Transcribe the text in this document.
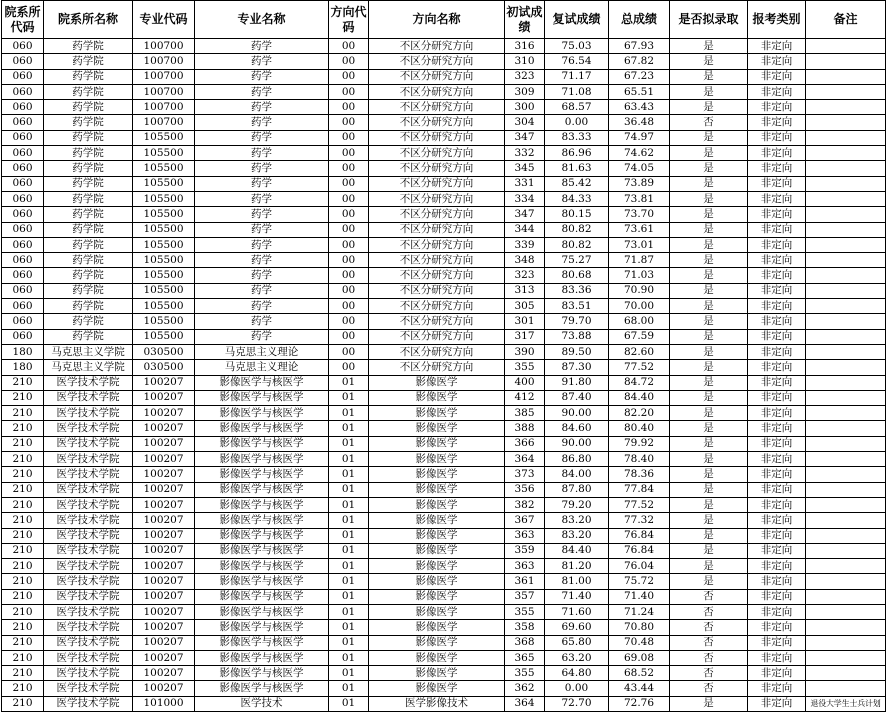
院系所代码	院系所名称	专业代码	专业名称	方向代码	方向名称	初试成绩	复试成绩	总成绩	是否拟录取	报考类别	备注
060	药学院	100700	药学	00	不区分研究方向	316	75.03	67.93	是	非定向	
060	药学院	100700	药学	00	不区分研究方向	310	76.54	67.82	是	非定向	
060	药学院	100700	药学	00	不区分研究方向	323	71.17	67.23	是	非定向	
060	药学院	100700	药学	00	不区分研究方向	309	71.08	65.51	是	非定向	
060	药学院	100700	药学	00	不区分研究方向	300	68.57	63.43	是	非定向	
060	药学院	100700	药学	00	不区分研究方向	304	0.00	36.48	否	非定向	
060	药学院	105500	药学	00	不区分研究方向	347	83.33	74.97	是	非定向	
060	药学院	105500	药学	00	不区分研究方向	332	86.96	74.62	是	非定向	
060	药学院	105500	药学	00	不区分研究方向	345	81.63	74.05	是	非定向	
060	药学院	105500	药学	00	不区分研究方向	331	85.42	73.89	是	非定向	
060	药学院	105500	药学	00	不区分研究方向	334	84.33	73.81	是	非定向	
060	药学院	105500	药学	00	不区分研究方向	347	80.15	73.70	是	非定向	
060	药学院	105500	药学	00	不区分研究方向	344	80.82	73.61	是	非定向	
060	药学院	105500	药学	00	不区分研究方向	339	80.82	73.01	是	非定向	
060	药学院	105500	药学	00	不区分研究方向	348	75.27	71.87	是	非定向	
060	药学院	105500	药学	00	不区分研究方向	323	80.68	71.03	是	非定向	
060	药学院	105500	药学	00	不区分研究方向	313	83.36	70.90	是	非定向	
060	药学院	105500	药学	00	不区分研究方向	305	83.51	70.00	是	非定向	
060	药学院	105500	药学	00	不区分研究方向	301	79.70	68.00	是	非定向	
060	药学院	105500	药学	00	不区分研究方向	317	73.88	67.59	是	非定向	
180	马克思主义学院	030500	马克思主义理论	00	不区分研究方向	390	89.50	82.60	是	非定向	
180	马克思主义学院	030500	马克思主义理论	00	不区分研究方向	355	87.30	77.52	是	非定向	
210	医学技术学院	100207	影像医学与核医学	01	影像医学	400	91.80	84.72	是	非定向	
210	医学技术学院	100207	影像医学与核医学	01	影像医学	412	87.40	84.40	是	非定向	
210	医学技术学院	100207	影像医学与核医学	01	影像医学	385	90.00	82.20	是	非定向	
210	医学技术学院	100207	影像医学与核医学	01	影像医学	388	84.60	80.40	是	非定向	
210	医学技术学院	100207	影像医学与核医学	01	影像医学	366	90.00	79.92	是	非定向	
210	医学技术学院	100207	影像医学与核医学	01	影像医学	364	86.80	78.40	是	非定向	
210	医学技术学院	100207	影像医学与核医学	01	影像医学	373	84.00	78.36	是	非定向	
210	医学技术学院	100207	影像医学与核医学	01	影像医学	356	87.80	77.84	是	非定向	
210	医学技术学院	100207	影像医学与核医学	01	影像医学	382	79.20	77.52	是	非定向	
210	医学技术学院	100207	影像医学与核医学	01	影像医学	367	83.20	77.32	是	非定向	
210	医学技术学院	100207	影像医学与核医学	01	影像医学	363	83.20	76.84	是	非定向	
210	医学技术学院	100207	影像医学与核医学	01	影像医学	359	84.40	76.84	是	非定向	
210	医学技术学院	100207	影像医学与核医学	01	影像医学	363	81.20	76.04	是	非定向	
210	医学技术学院	100207	影像医学与核医学	01	影像医学	361	81.00	75.72	是	非定向	
210	医学技术学院	100207	影像医学与核医学	01	影像医学	357	71.40	71.40	否	非定向	
210	医学技术学院	100207	影像医学与核医学	01	影像医学	355	71.60	71.24	否	非定向	
210	医学技术学院	100207	影像医学与核医学	01	影像医学	358	69.60	70.80	否	非定向	
210	医学技术学院	100207	影像医学与核医学	01	影像医学	368	65.80	70.48	否	非定向	
210	医学技术学院	100207	影像医学与核医学	01	影像医学	365	63.20	69.08	否	非定向	
210	医学技术学院	100207	影像医学与核医学	01	影像医学	355	64.80	68.52	否	非定向	
210	医学技术学院	100207	影像医学与核医学	01	影像医学	362	0.00	43.44	否	非定向	
210	医学技术学院	101000	医学技术	01	医学影像技术	364	72.70	72.76	是	非定向	退役大学生士兵计划
